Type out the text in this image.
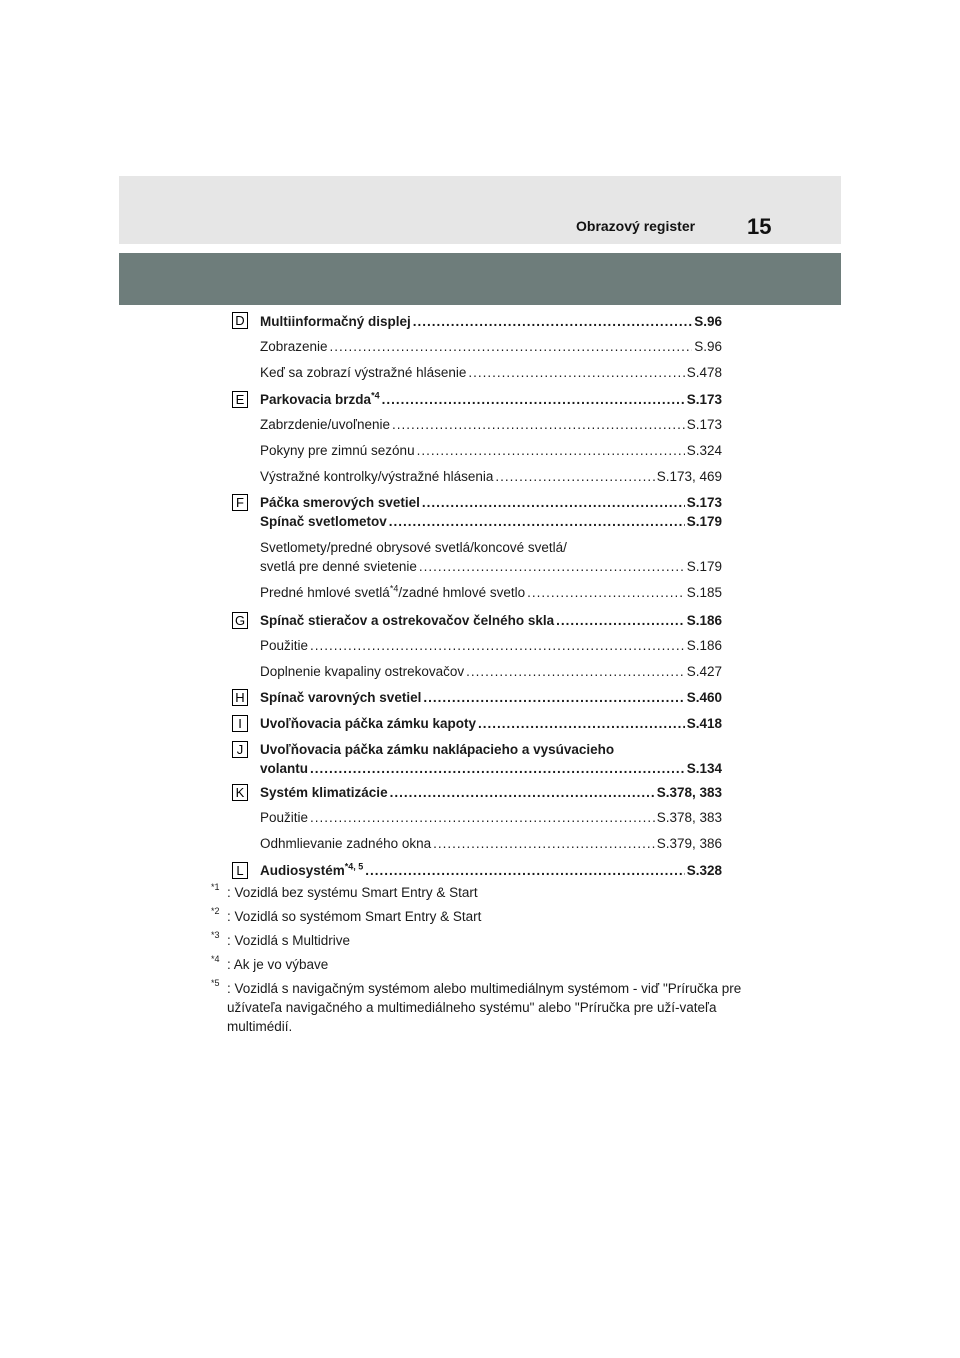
Obrazový register 15
D Multiinformačný displej .....	S.96
Zobrazenie .....	S.96
Keď sa zobrazí výstražné hlásenie .....	S.478
E Parkovacia brzda$^{*4}$ .....	S.173
Zabrzdenie/uvoľnenie .....	S.173
Pokyny pre zimnú sezónu .....	S.324
Výstražné kontrolky/výstražné hlásenia .....	S.173, 469
F Páčka smerových svetiel .....	S.173
Spínač svetlometov .....	S.179
Svetlomety/predné obrysové svetlá/koncové svetlá/
svetlá pre denné svietenie .....	S.179
Predné hmlové svetlá$^{*4}$/zadné hmlové svetlo .....	S.185
G Spínač stieračov a ostrekovačov čelného skla .....	S.186
Použitie .....	S.186
Doplnenie kvapaliny ostrekovačov .....	S.427
H Spínač varovných svetiel .....	S.460
I	Uvoľňovacia páčka zámku kapoty .....	S.418
J	Uvoľňovacia páčka zámku naklápacieho a vysúvacieho
volantu .....	S.134
K Systém klimatizácie .....	S.378, 383
Použitie .....	S.378, 383
Odhmlievanie zadného okna .....	S.379, 386
L	Audiosystém$^{*4, 5}$ .....	S.328
*1 : Vozidlá bez systému Smart Entry & Start
*2 : Vozidlá so systémom Smart Entry & Start
*3 : Vozidlá s Multidrive
*4 : Ak je vo výbave
*5 : Vozidlá s navigačným systémom alebo multimediálnym systémom - viď "Príručka pre užívateľa navigačného a multimediálneho systému" alebo "Príručka pre uží-vateľa multimédií.
